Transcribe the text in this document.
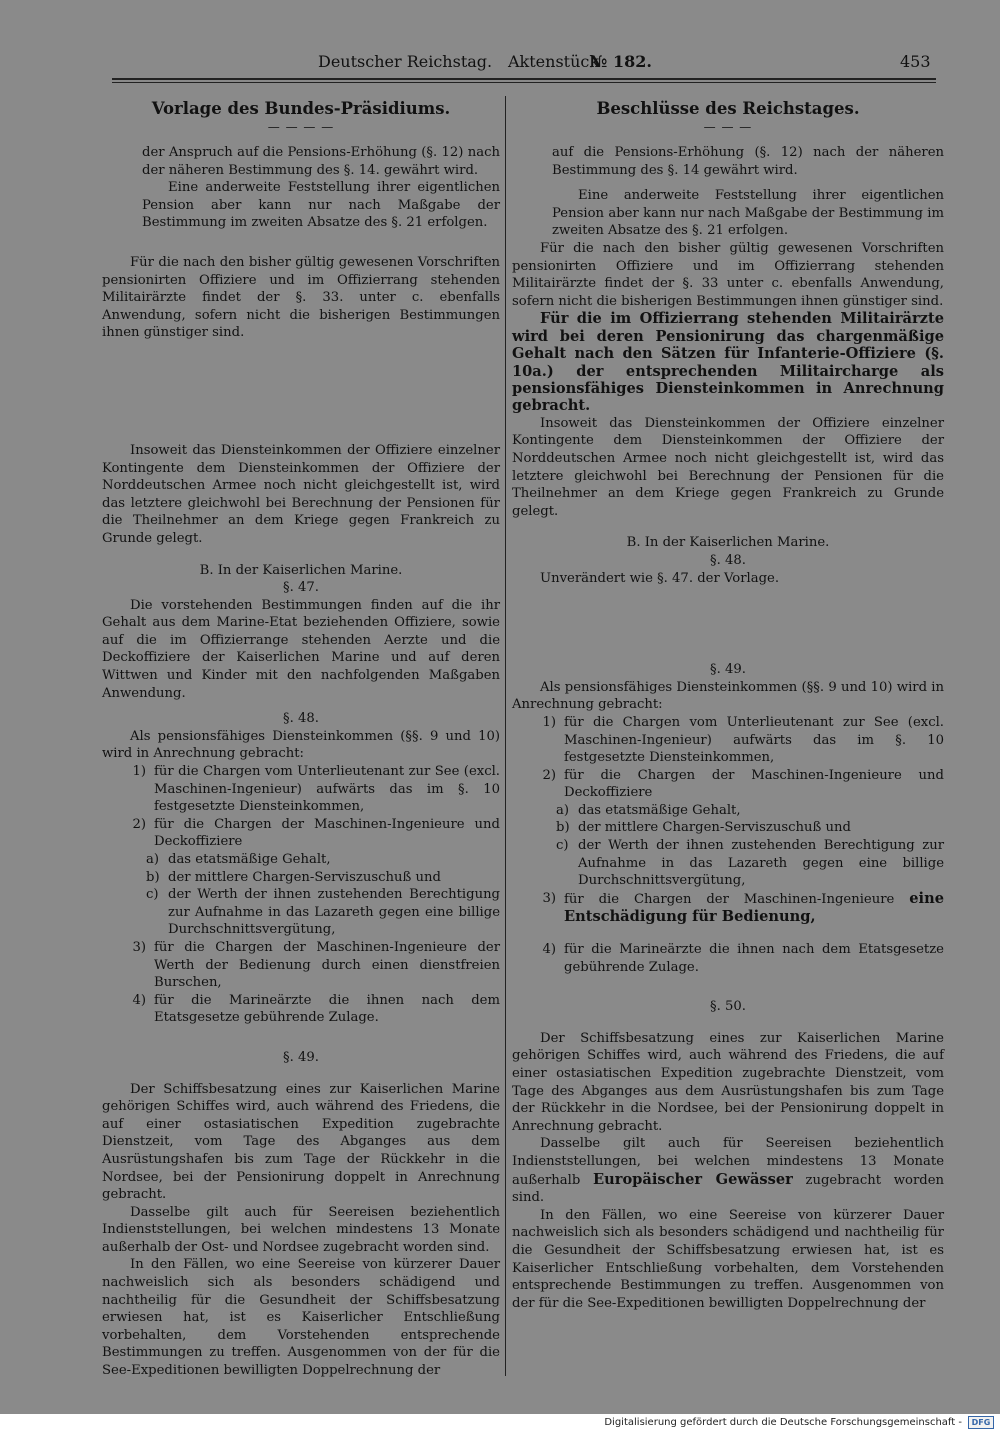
Deutscher Reichstag. Aktenstück
№ 182.	453
Vorlage des Bundes-Präsidiums.
— — — —
der Anspruch auf die Pensions-Erhöhung (§. 12) nach der näheren Bestimmung des §. 14. gewährt wird.
Eine anderweite Feststellung ihrer eigentlichen Pension aber kann nur nach Maßgabe der Bestimmung im zweiten Absatze des §. 21 erfolgen.
Für die nach den bisher gültig gewesenen Vorschriften pensionirten Offiziere und im Offizierrang stehenden Militairärzte findet der §. 33. unter c. ebenfalls Anwendung, sofern nicht die bisherigen Bestimmungen ihnen günstiger sind.
Insoweit das Diensteinkommen der Offiziere einzelner Kontingente dem Diensteinkommen der Offiziere der Norddeutschen Armee noch nicht gleichgestellt ist, wird das letztere gleichwohl bei Berechnung der Pensionen für die Theilnehmer an dem Kriege gegen Frankreich zu Grunde gelegt.
B. In der Kaiserlichen Marine.
§. 47.
Die vorstehenden Bestimmungen finden auf die ihr Gehalt aus dem Marine-Etat beziehenden Offiziere, sowie auf die im Offizierrange stehenden Aerzte und die Deckoffiziere der Kaiserlichen Marine und auf deren Wittwen und Kinder mit den nachfolgenden Maßgaben Anwendung.
§. 48.
Als pensionsfähiges Diensteinkommen (§§. 9 und 10) wird in Anrechnung gebracht:
1) für die Chargen vom Unterlieutenant zur See (excl. Maschinen-Ingenieur) aufwärts das im §. 10 festgesetzte Diensteinkommen,
2) für die Chargen der Maschinen-Ingenieure und Deckoffiziere
a) das etatsmäßige Gehalt,
b) der mittlere Chargen-Serviszuschuß und
c) der Werth der ihnen zustehenden Berechtigung zur Aufnahme in das Lazareth gegen eine billige Durchschnittsvergütung,
3) für die Chargen der Maschinen-Ingenieure der Werth der Bedienung durch einen dienstfreien Burschen,
4) für die Marineärzte die ihnen nach dem Etatsgesetze gebührende Zulage.
§. 49.
Der Schiffsbesatzung eines zur Kaiserlichen Marine gehörigen Schiffes wird, auch während des Friedens, die auf einer ostasiatischen Expedition zugebrachte Dienstzeit, vom Tage des Abganges aus dem Ausrüstungshafen bis zum Tage der Rückkehr in die Nordsee, bei der Pensionirung doppelt in Anrechnung gebracht.
Dasselbe gilt auch für Seereisen beziehentlich Indienststellungen, bei welchen mindestens 13 Monate außerhalb der Ost- und Nordsee zugebracht worden sind.
In den Fällen, wo eine Seereise von kürzerer Dauer nachweislich sich als besonders schädigend und nachtheilig für die Gesundheit der Schiffsbesatzung erwiesen hat, ist es Kaiserlicher Entschließung vorbehalten, dem Vorstehenden entsprechende Bestimmungen zu treffen. Ausgenommen von der für die See-Expeditionen bewilligten Doppelrechnung der
Beschlüsse des Reichstages.
— — —
auf die Pensions-Erhöhung (§. 12) nach der näheren Bestimmung des §. 14 gewährt wird.
Eine anderweite Feststellung ihrer eigentlichen Pension aber kann nur nach Maßgabe der Bestimmung im zweiten Absatze des §. 21 erfolgen.
Für die nach den bisher gültig gewesenen Vorschriften pensionirten Offiziere und im Offizierrang stehenden Militairärzte findet der §. 33 unter c. ebenfalls Anwendung, sofern nicht die bisherigen Bestimmungen ihnen günstiger sind.
Für die im Offizierrang stehenden Militairärzte wird bei deren Pensionirung das chargenmäßige Gehalt nach den Sätzen für Infanterie-Offiziere (§. 10a.) der entsprechenden Militaircharge als pensionsfähiges Diensteinkommen in Anrechnung gebracht.
Insoweit das Diensteinkommen der Offiziere einzelner Kontingente dem Diensteinkommen der Offiziere der Norddeutschen Armee noch nicht gleichgestellt ist, wird das letztere gleichwohl bei Berechnung der Pensionen für die Theilnehmer an dem Kriege gegen Frankreich zu Grunde gelegt.
B. In der Kaiserlichen Marine.
§. 48.
Unverändert wie §. 47. der Vorlage.
§. 49.
Als pensionsfähiges Diensteinkommen (§§. 9 und 10) wird in Anrechnung gebracht:
1) für die Chargen vom Unterlieutenant zur See (excl. Maschinen-Ingenieur) aufwärts das im §. 10 festgesetzte Diensteinkommen,
2) für die Chargen der Maschinen-Ingenieure und Deckoffiziere
a) das etatsmäßige Gehalt,
b) der mittlere Chargen-Serviszuschuß und
c) der Werth der ihnen zustehenden Berechtigung zur Aufnahme in das Lazareth gegen eine billige Durchschnittsvergütung,
3) für die Chargen der Maschinen-Ingenieure eine Entschädigung für Bedienung,
4) für die Marineärzte die ihnen nach dem Etatsgesetze gebührende Zulage.
§. 50.
Der Schiffsbesatzung eines zur Kaiserlichen Marine gehörigen Schiffes wird, auch während des Friedens, die auf einer ostasiatischen Expedition zugebrachte Dienstzeit, vom Tage des Abganges aus dem Ausrüstungshafen bis zum Tage der Rückkehr in die Nordsee, bei der Pensionirung doppelt in Anrechnung gebracht.
Dasselbe gilt auch für Seereisen beziehentlich Indienststellungen, bei welchen mindestens 13 Monate außerhalb Europäischer Gewässer zugebracht worden sind.
In den Fällen, wo eine Seereise von kürzerer Dauer nachweislich sich als besonders schädigend und nachtheilig für die Gesundheit der Schiffsbesatzung erwiesen hat, ist es Kaiserlicher Entschließung vorbehalten, dem Vorstehenden entsprechende Bestimmungen zu treffen. Ausgenommen von der für die See-Expeditionen bewilligten Doppelrechnung der
Digitalisierung gefördert durch die Deutsche Forschungsgemeinschaft -	DFG
